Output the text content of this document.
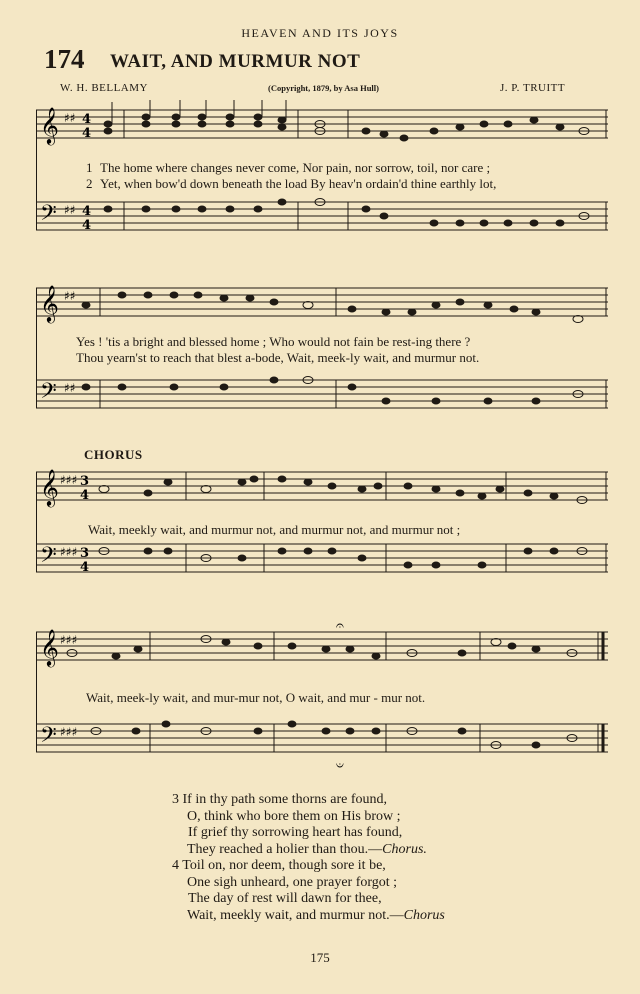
HEAVEN AND ITS JOYS
174 WAIT, AND MURMUR NOT
W. H. BELLAMY	(Copyright, 1879, by Asa Hull)	J. P. TRUITT
𝄞
𝄢
♯♯
♯♯
4
4
4
4
1 The home where changes never come, Nor pain, nor sorrow, toil, nor care ;
2 Yet, when bow'd down beneath the load By heav'n ordain'd thine earthly lot,
𝄞
𝄢
♯♯
♯♯
Yes ! 'tis a bright and blessed home ; Who would not fain be rest-ing there ?
Thou yearn'st to reach that blest a-bode, Wait, meek-ly wait, and murmur not.
CHORUS
𝄞
𝄢
♯♯♯
♯♯♯
3
4
3
4
Wait, meekly wait, and murmur not, and murmur not, and murmur not ;
𝄞
𝄢
♯♯♯
♯♯♯
𝄐
𝄑
Wait, meek-ly wait, and mur-mur not, O wait, and mur - mur not.
3 If in thy path some thorns are found,
O, think who bore them on His brow ;
If grief thy sorrowing heart has found,
They reached a holier than thou.—Chorus.
4 Toil on, nor deem, though sore it be,
One sigh unheard, one prayer forgot ;
The day of rest will dawn for thee,
Wait, meekly wait, and murmur not.—Chorus
175
